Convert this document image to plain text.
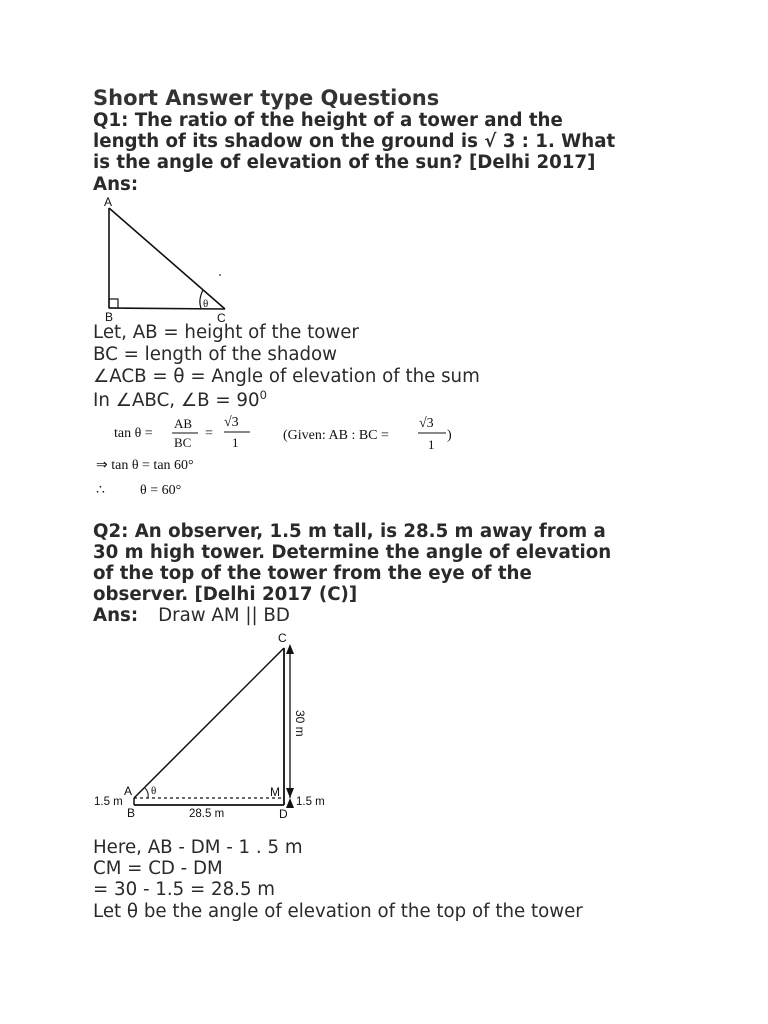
Short Answer type Questions
Q1: The ratio of the height of a tower and the
length of its shadow on the ground is √ 3 : 1. What
is the angle of elevation of the sun? [Delhi 2017]
Ans:
A
B	C
θ
Let, AB = height of the tower
BC = length of the shadow
∠ACB = θ = Angle of elevation of the sum
In ∠ABC, ∠B = $90^0$
tan θ =
AB
BC
=
√3
1	(Given: AB : BC =
√3
1
)
⇒ tan θ = tan 60°
∴	θ = 60°
Q2: An observer, 1.5 m tall, is 28.5 m away from a
30 m high tower. Determine the angle of elevation
of the top of the tower from the eye of the
observer. [Delhi 2017 (C)]
Ans: Draw AM || BD
C
A θ	M
B	D
1.5 m	1.5 m
28.5 m
30 m
Here, AB - DM - 1 . 5 m
CM = CD - DM
= 30 - 1.5 = 28.5 m
Let θ be the angle of elevation of the top of the tower
